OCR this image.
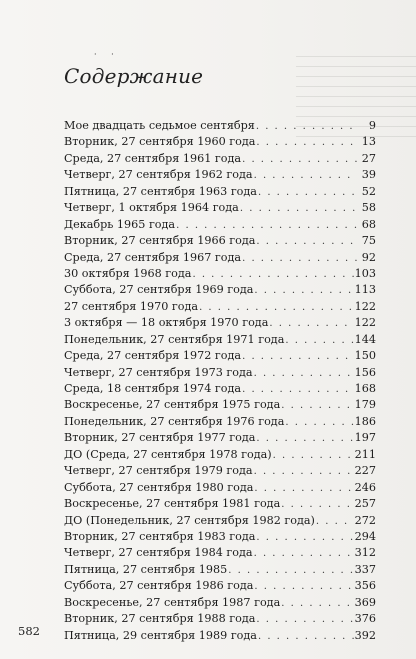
· ·
Содержание
Мое двадцать седьмое сентября . . .	9
Вторник, 27 сентября 1960 года . . .	13
Среда, 27 сентября 1961 года . . .	27
Четверг, 27 сентября 1962 года . . .	39
Пятница, 27 сентября 1963 года . . .	52
Четверг, 1 октября 1964 года . . .	58
Декабрь 1965 года . . .	68
Вторник, 27 сентября 1966 года . . .	75
Среда, 27 сентября 1967 года . . .	92
30 октября 1968 года . . .	103
Суббота, 27 сентября 1969 года . . .	113
27 сентября 1970 года . . .	122
3 октября — 18 октября 1970 года . . .	122
Понедельник, 27 сентября 1971 года . . .	144
Среда, 27 сентября 1972 года . . .	150
Четверг, 27 сентября 1973 года . . .	156
Среда, 18 сентября 1974 года . . .	168
Воскресенье, 27 сентября 1975 года . . .	179
Понедельник, 27 сентября 1976 года . . .	186
Вторник, 27 сентября 1977 года . . .	197
ДО (Среда, 27 сентября 1978 года) . . .	211
Четверг, 27 сентября 1979 года . . .	227
Суббота, 27 сентября 1980 года . . .	246
Воскресенье, 27 сентября 1981 года . . .	257
ДО (Понедельник, 27 сентября 1982 года) . . .	272
Вторник, 27 сентября 1983 года . . .	294
Четверг, 27 сентября 1984 года . . .	312
Пятница, 27 сентября 1985 . . .	337
Суббота, 27 сентября 1986 года . . .	356
Воскресенье, 27 сентября 1987 года . . .	369
Вторник, 27 сентября 1988 года . . .	376
Пятница, 29 сентября 1989 года . . .	392
582
